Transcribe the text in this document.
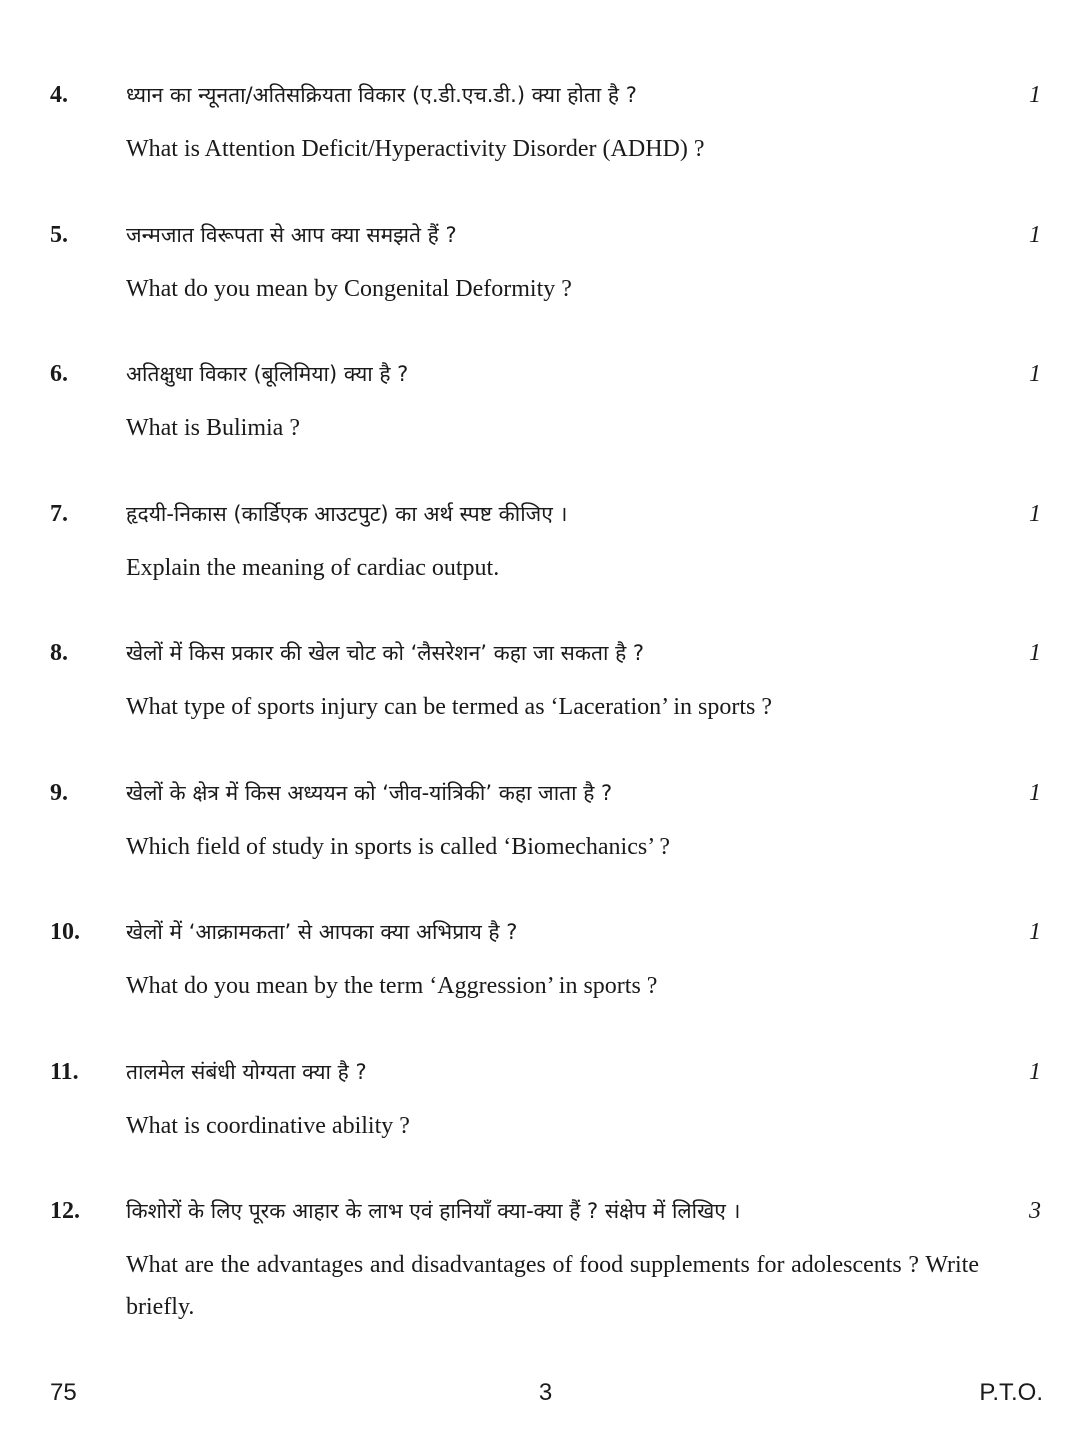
4.	ध्यान का न्यूनता/अतिसक्रियता विकार (ए.डी.एच.डी.) क्या होता है ?
What is Attention Deficit/Hyperactivity Disorder (ADHD) ?
1
5.	जन्मजात विरूपता से आप क्या समझते हैं ?
What do you mean by Congenital Deformity ?
1
6.	अतिक्षुधा विकार (बूलिमिया) क्या है ?
What is Bulimia ?
1
7.	हृदयी-निकास (कार्डिएक आउटपुट) का अर्थ स्पष्ट कीजिए ।
Explain the meaning of cardiac output.
1
8.	खेलों में किस प्रकार की खेल चोट को ‘लैसरेशन’ कहा जा सकता है ?
What type of sports injury can be termed as ‘Laceration’ in sports ?
1
9.	खेलों के क्षेत्र में किस अध्ययन को ‘जीव-यांत्रिकी’ कहा जाता है ?
Which field of study in sports is called ‘Biomechanics’ ?
1
10. खेलों में ‘आक्रामकता’ से आपका क्या अभिप्राय है ?
What do you mean by the term ‘Aggression’ in sports ?
1
11. तालमेल संबंधी योग्यता क्या है ?
What is coordinative ability ?
1
12. किशोरों के लिए पूरक आहार के लाभ एवं हानियाँ क्या-क्या हैं ? संक्षेप में लिखिए ।
What are the advantages and disadvantages of food supplements for adolescents ? Write briefly.
3
75	3	P.T.O.
